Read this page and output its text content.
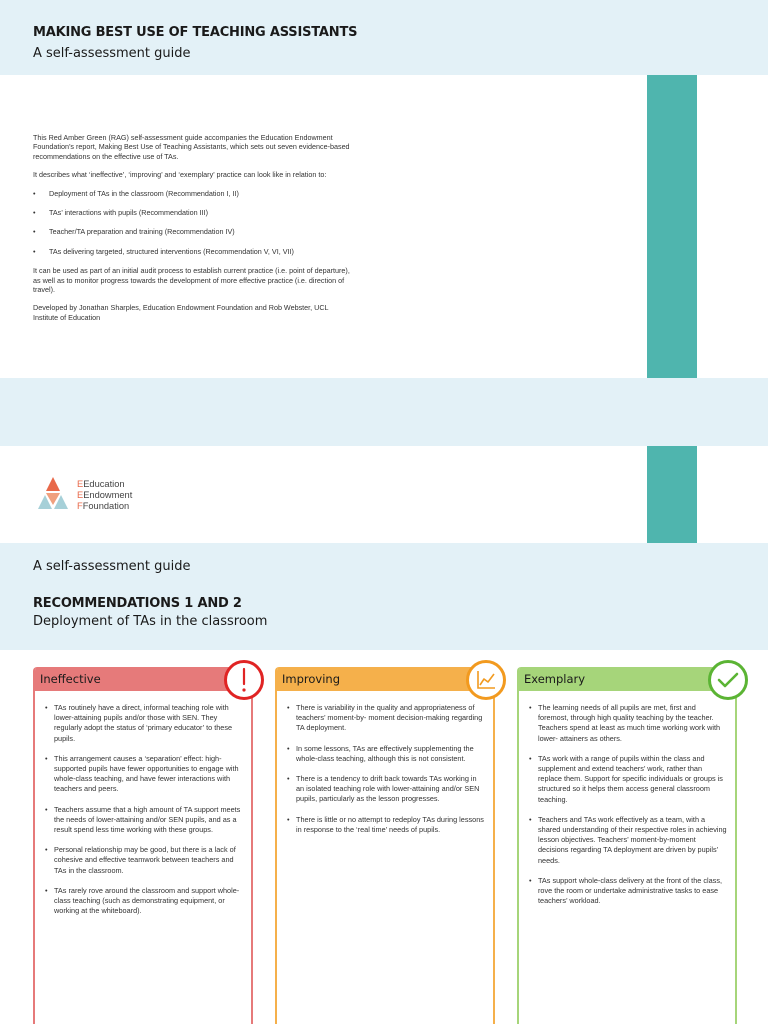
MAKING BEST USE OF TEACHING ASSISTANTS
A self-assessment guide

This Red Amber Green (RAG) self-assessment guide accompanies the Education Endowment Foundation’s report, Making Best Use of Teaching Assistants, which sets out seven evidence-based recommendations on the effective use of TAs.

It describes what ‘ineffective’, ‘improving’ and ‘exemplary’ practice can look like in relation to:

• Deployment of TAs in the classroom (Recommendation I, II)
• TAs’ interactions with pupils (Recommendation III)
• Teacher/TA preparation and training (Recommendation IV)
• TAs delivering targeted, structured interventions (Recommendation V, VI, VII)

It can be used as part of an initial audit process to establish current practice (i.e. point of departure), as well as to monitor progress towards the development of more effective practice (i.e. direction of travel).

Developed by Jonathan Sharples, Education Endowment Foundation and Rob Webster, UCL Institute of Education

EEducation
EEndowment
FFoundation
A self-assessment guide
RECOMMENDATIONS 1 AND 2
Deployment of TAs in the classroom
Ineffective
• TAs routinely have a direct, informal teaching role with lower-attaining pupils and/or those with SEN. They regularly adopt the status of ‘primary educator’ to these pupils.
• This arrangement causes a ‘separation’ effect: high-supported pupils have fewer opportunities to engage with whole-class teaching, and have fewer interactions with teachers and peers.
• Teachers assume that a high amount of TA support meets the needs of lower-attaining and/or SEN pupils, and as a result spend less time working with these groups.
• Personal relationship may be good, but there is a lack of cohesive and effective teamwork between teachers and TAs in the classroom.
• TAs rarely rove around the classroom and support whole-class teaching (such as demonstrating equipment, or working at the whiteboard).
Improving
• There is variability in the quality and appropriateness of teachers’ moment-by- moment decision-making regarding TA deployment.
• In some lessons, TAs are effectively supplementing the whole-class teaching, although this is not consistent.
• There is a tendency to drift back towards TAs working in an isolated teaching role with lower-attaining and/or SEN pupils, particularly as the lesson progresses.
• There is little or no attempt to redeploy TAs during lessons in response to the ‘real time’ needs of pupils.
Exemplary
• The learning needs of all pupils are met, first and foremost, through high quality teaching by the teacher. Teachers spend at least as much time working work with lower- attainers as others.
• TAs work with a range of pupils within the class and supplement and extend teachers’ work, rather than replace them. Support for specific individuals or groups is structured so it helps them access general classroom teaching.
• Teachers and TAs work effectively as a team, with a shared understanding of their respective roles in achieving lesson objectives. Teachers’ moment-by-moment decisions regarding TA deployment are driven by pupils’ needs.
• TAs support whole-class delivery at the front of the class, rove the room or undertake administrative tasks to ease teachers’ workload.
